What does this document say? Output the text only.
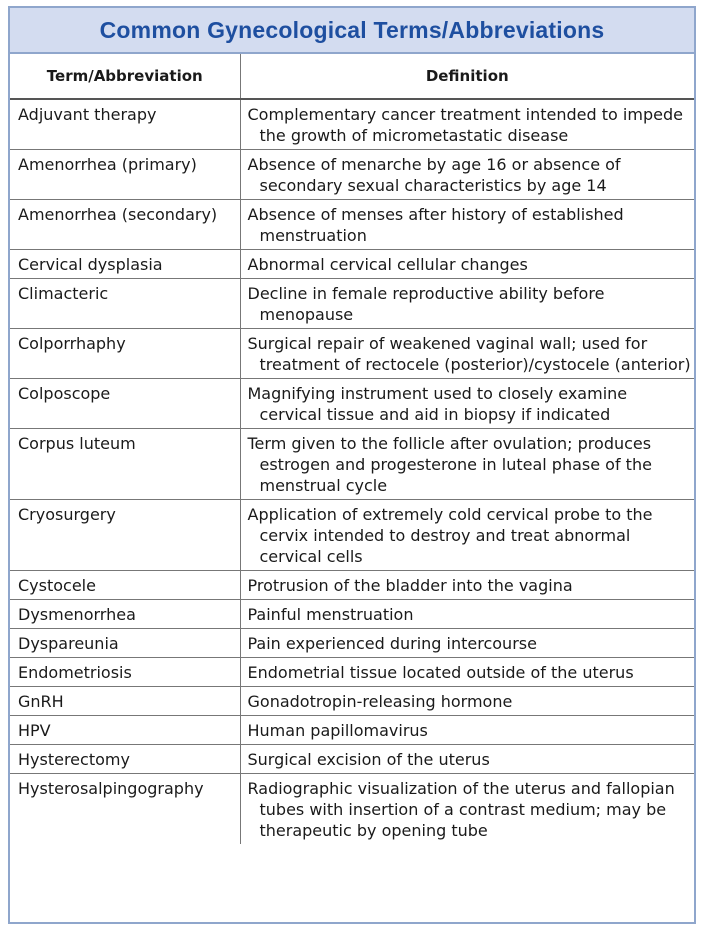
Common Gynecological Terms/Abbreviations
Term/Abbreviation	Definition

Adjuvant therapy	Complementary cancer treatment intended to impede the growth of micrometastatic disease

Amenorrhea (primary)	Absence of menarche by age 16 or absence of secondary sexual characteristics by age 14

Amenorrhea (secondary)	Absence of menses after history of established menstruation

Cervical dysplasia	Abnormal cervical cellular changes

Climacteric	Decline in female reproductive ability before menopause

Colporrhaphy	Surgical repair of weakened vaginal wall; used for treatment of rectocele (posterior)/cystocele (anterior)

Colposcope	Magnifying instrument used to closely examine cervical tissue and aid in biopsy if indicated

Corpus luteum	Term given to the follicle after ovulation; produces estrogen and progesterone in luteal phase of the menstrual cycle

Cryosurgery	Application of extremely cold cervical probe to the cervix intended to destroy and treat abnormal cervical cells

Cystocele	Protrusion of the bladder into the vagina

Dysmenorrhea	Painful menstruation

Dyspareunia	Pain experienced during intercourse

Endometriosis	Endometrial tissue located outside of the uterus

GnRH	Gonadotropin-releasing hormone

HPV	Human papillomavirus

Hysterectomy	Surgical excision of the uterus

Hysterosalpingography	Radiographic visualization of the uterus and fallopian tubes with insertion of a contrast medium; may be therapeutic by opening tube
